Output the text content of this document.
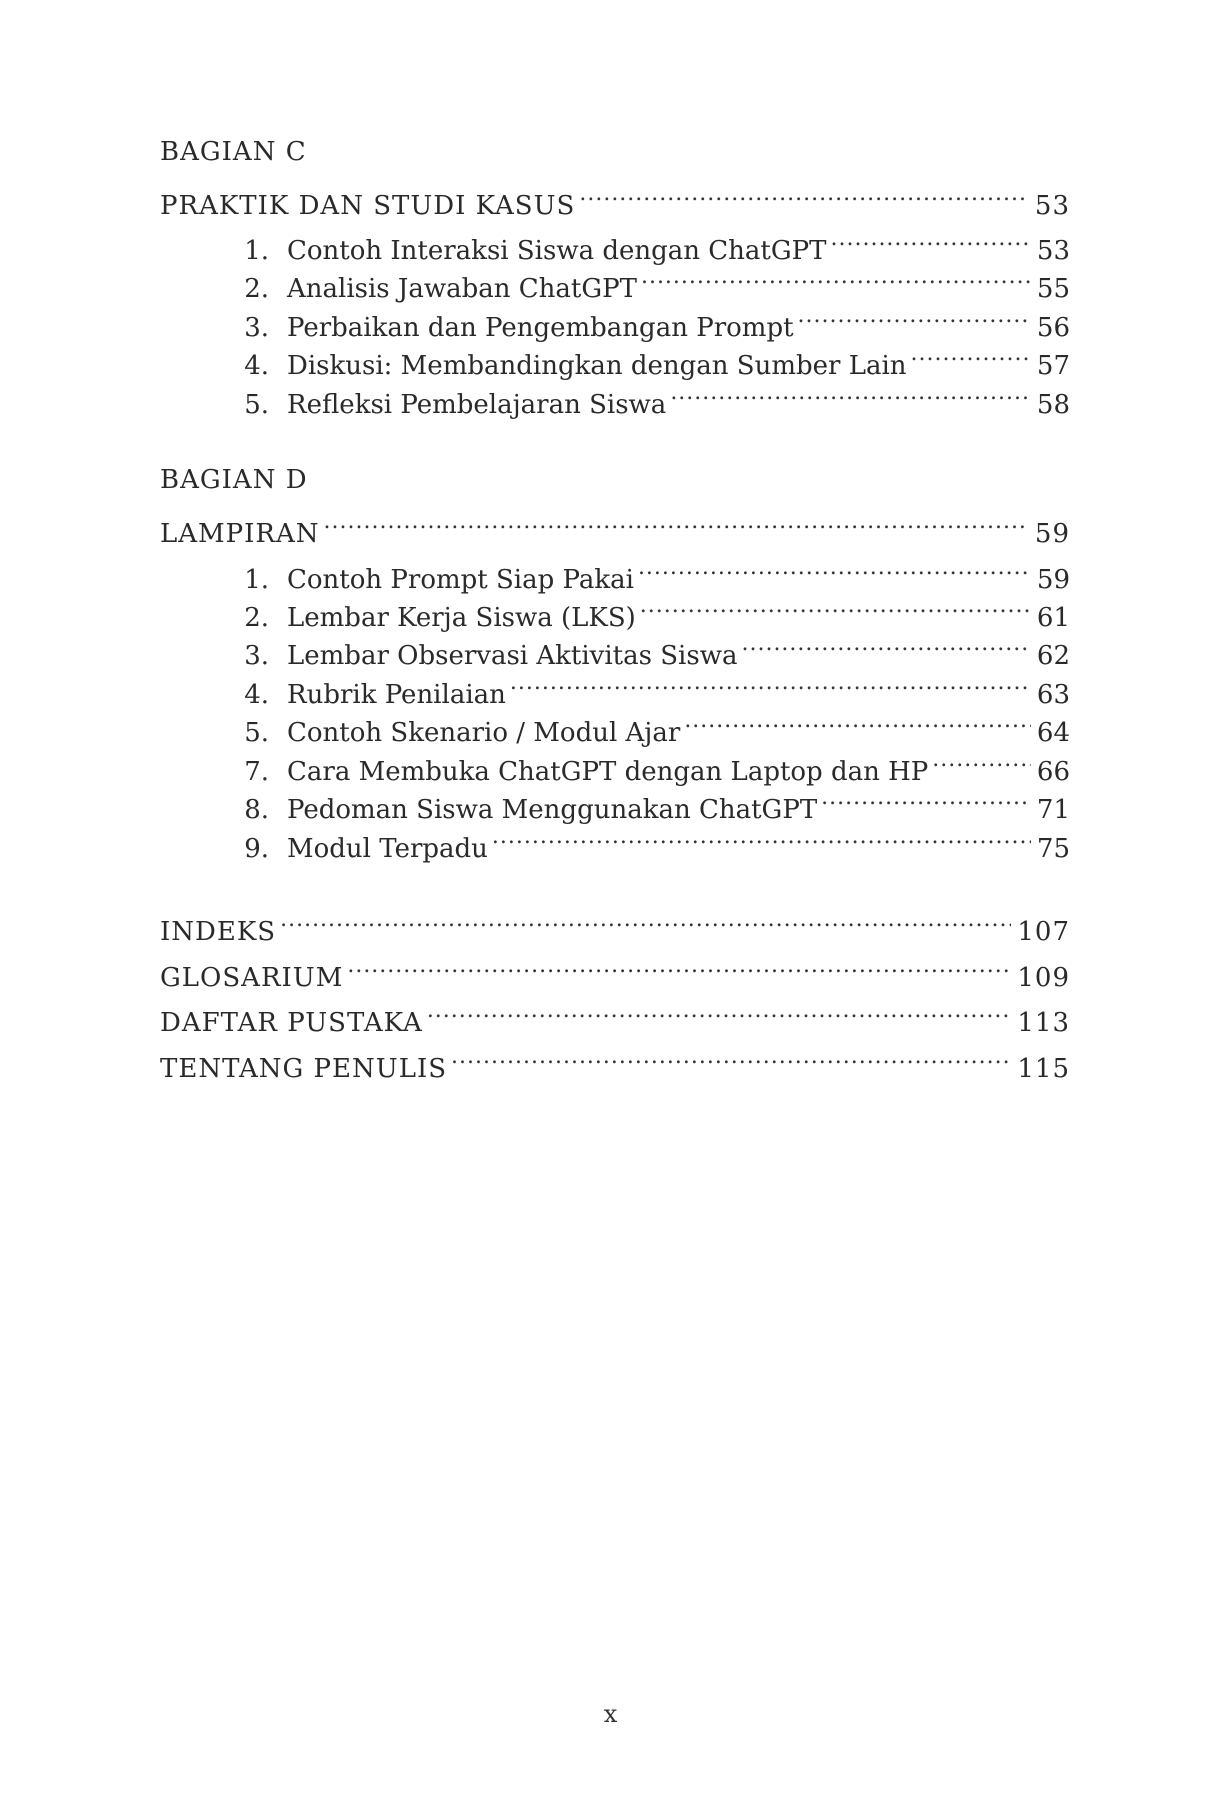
BAGIAN C
PRAKTIK DAN STUDI KASUS .....	53
1. Contoh Interaksi Siswa dengan ChatGPT .....	53
2. Analisis Jawaban ChatGPT .....	55
3. Perbaikan dan Pengembangan Prompt .....	56
4. Diskusi: Membandingkan dengan Sumber Lain .....	57
5. Refleksi Pembelajaran Siswa .....	58
BAGIAN D
LAMPIRAN .....	59
1. Contoh Prompt Siap Pakai .....	59
2. Lembar Kerja Siswa (LKS) .....	61
3. Lembar Observasi Aktivitas Siswa .....	62
4. Rubrik Penilaian .....	63
5. Contoh Skenario / Modul Ajar .....	64
7. Cara Membuka ChatGPT dengan Laptop dan HP .....	66
8. Pedoman Siswa Menggunakan ChatGPT .....	71
9. Modul Terpadu .....	75
INDEKS .....	107
GLOSARIUM .....	109
DAFTAR PUSTAKA .....	113
TENTANG PENULIS .....	115
x
